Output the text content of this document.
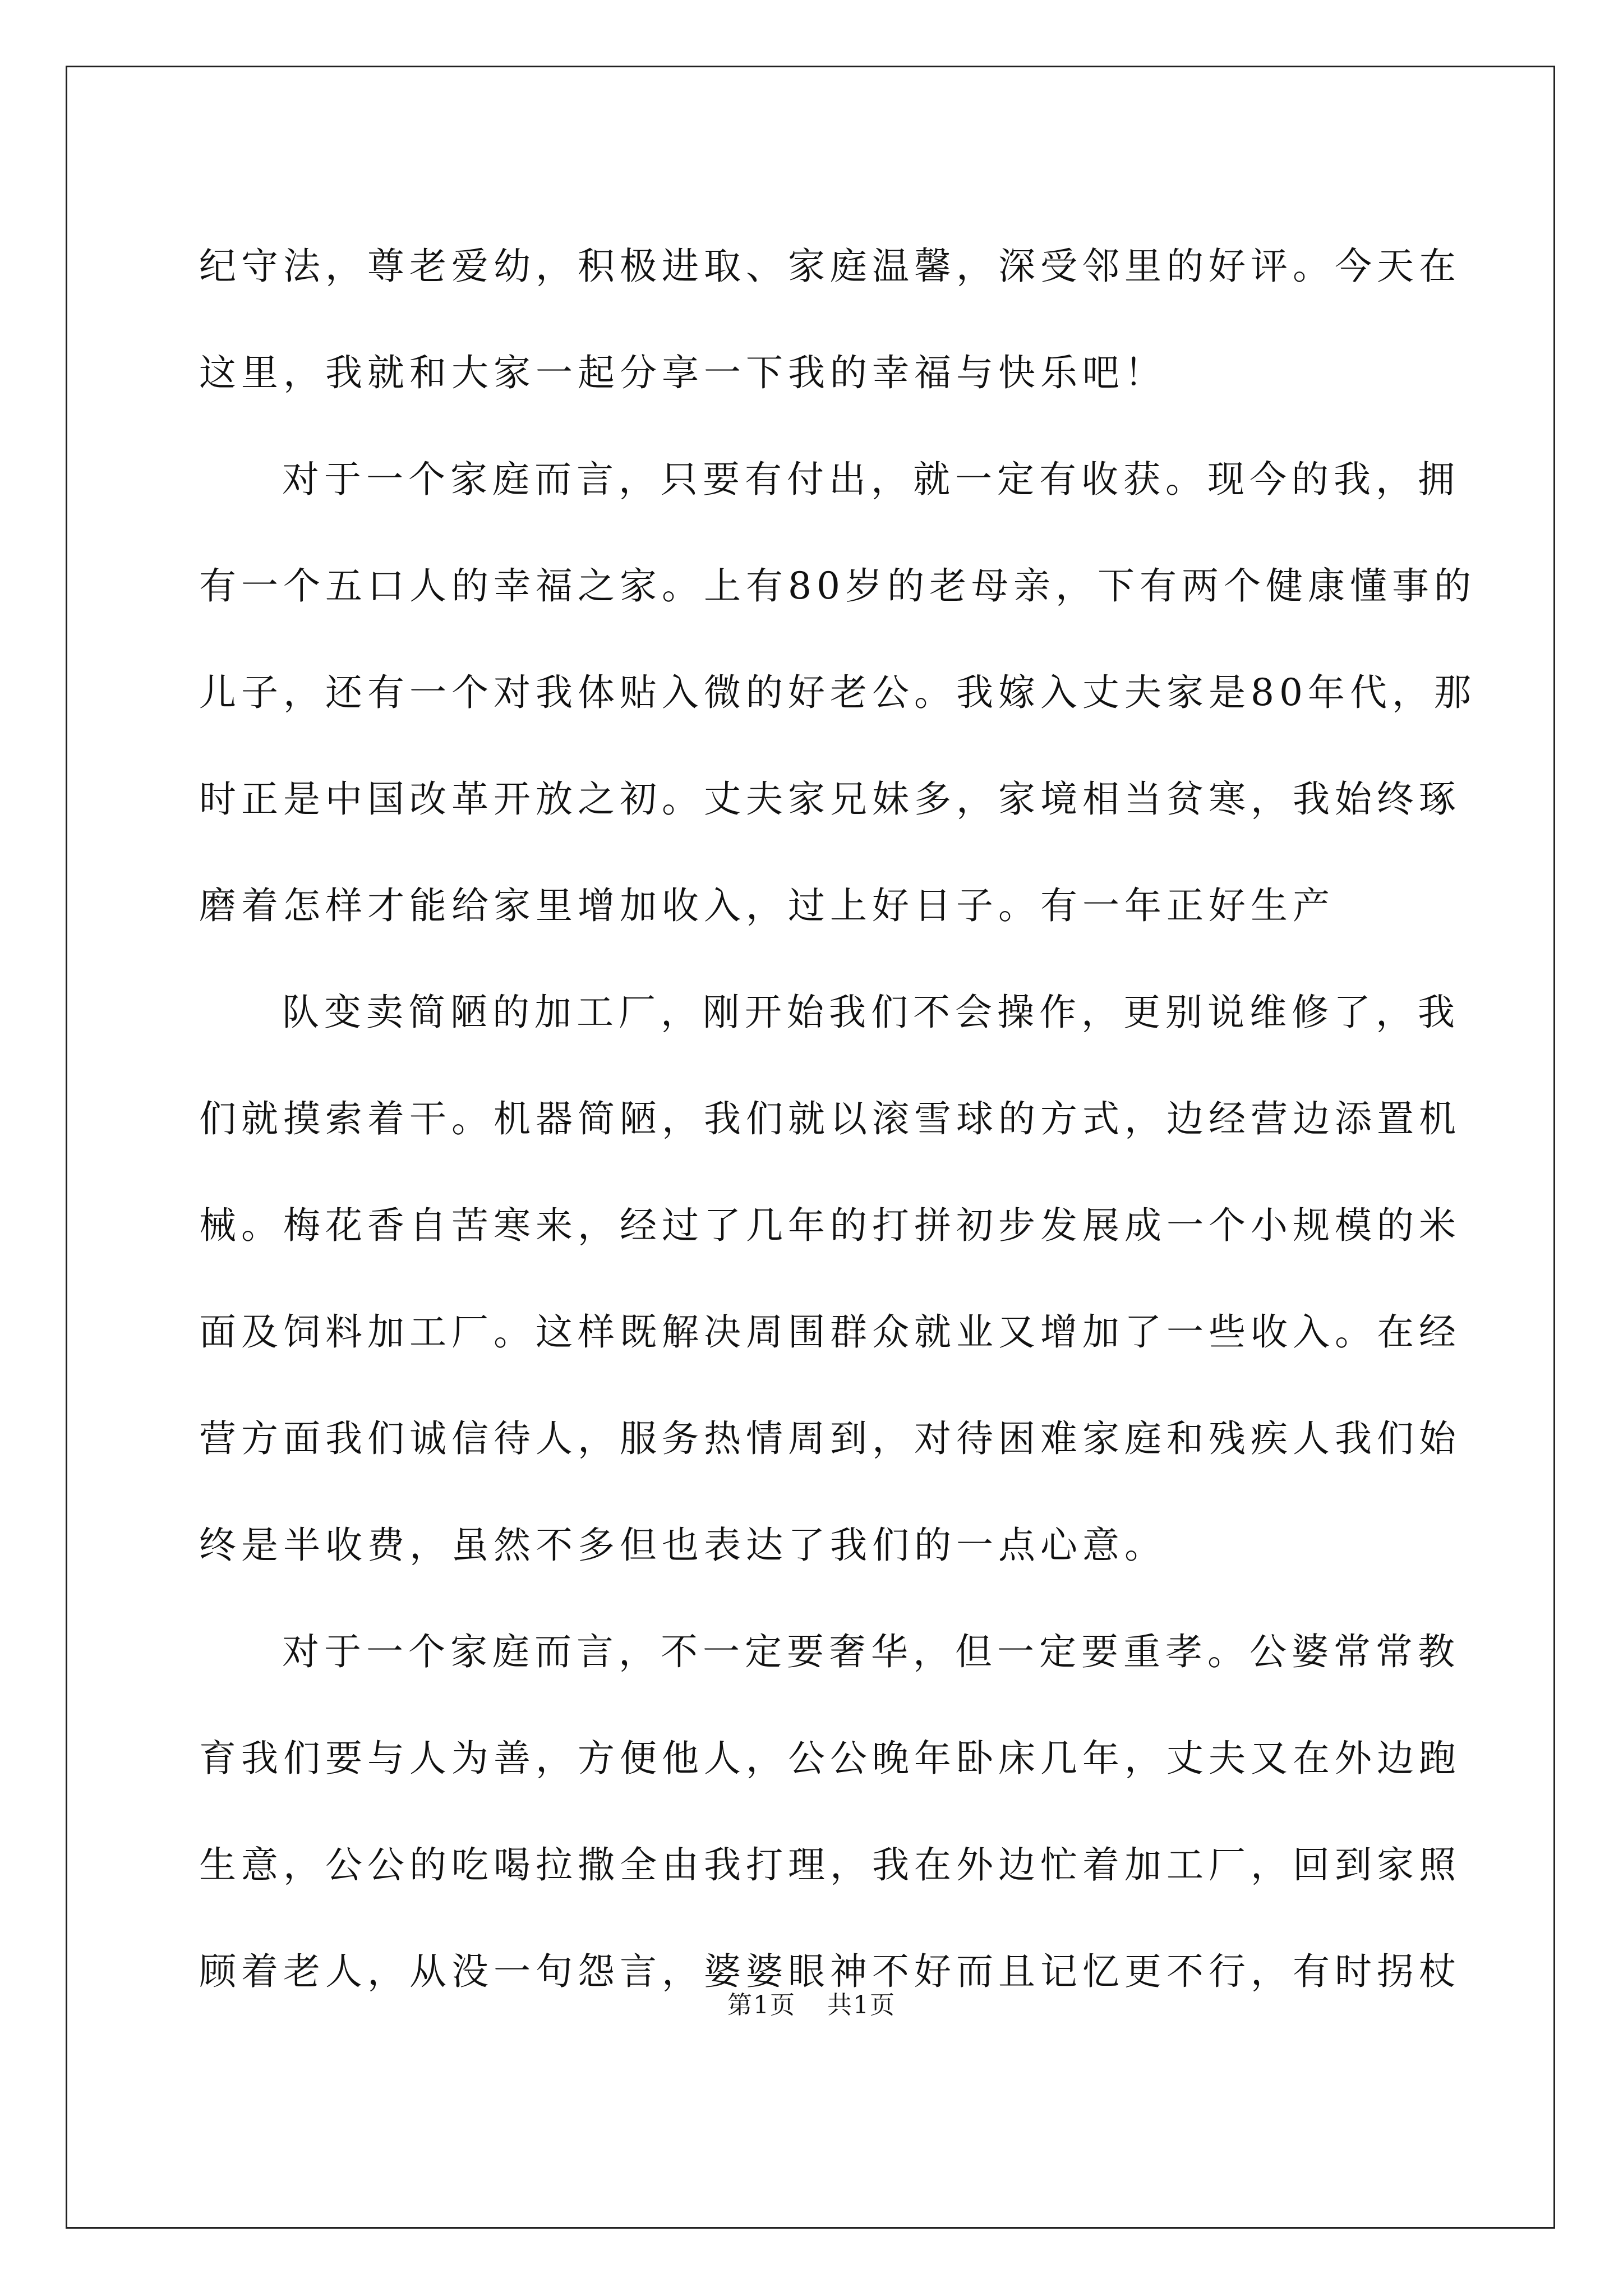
纪守法，尊老爱幼，积极进取、家庭温馨，深受邻里的好评。今天在
这里，我就和大家一起分享一下我的幸福与快乐吧！
对于一个家庭而言，只要有付出，就一定有收获。现今的我，拥
有一个五口人的幸福之家。上有80岁的老母亲，下有两个健康懂事的
儿子，还有一个对我体贴入微的好老公。我嫁入丈夫家是80年代，那
时正是中国改革开放之初。丈夫家兄妹多，家境相当贫寒，我始终琢
磨着怎样才能给家里增加收入，过上好日子。有一年正好生产
队变卖简陋的加工厂，刚开始我们不会操作，更别说维修了，我
们就摸索着干。机器简陋，我们就以滚雪球的方式，边经营边添置机
械。梅花香自苦寒来，经过了几年的打拼初步发展成一个小规模的米
面及饲料加工厂。这样既解决周围群众就业又增加了一些收入。在经
营方面我们诚信待人，服务热情周到，对待困难家庭和残疾人我们始
终是半收费，虽然不多但也表达了我们的一点心意。
对于一个家庭而言，不一定要奢华，但一定要重孝。公婆常常教
育我们要与人为善，方便他人，公公晚年卧床几年，丈夫又在外边跑
生意，公公的吃喝拉撒全由我打理，我在外边忙着加工厂，回到家照
顾着老人，从没一句怨言，婆婆眼神不好而且记忆更不行，有时拐杖
第1页 共1页
